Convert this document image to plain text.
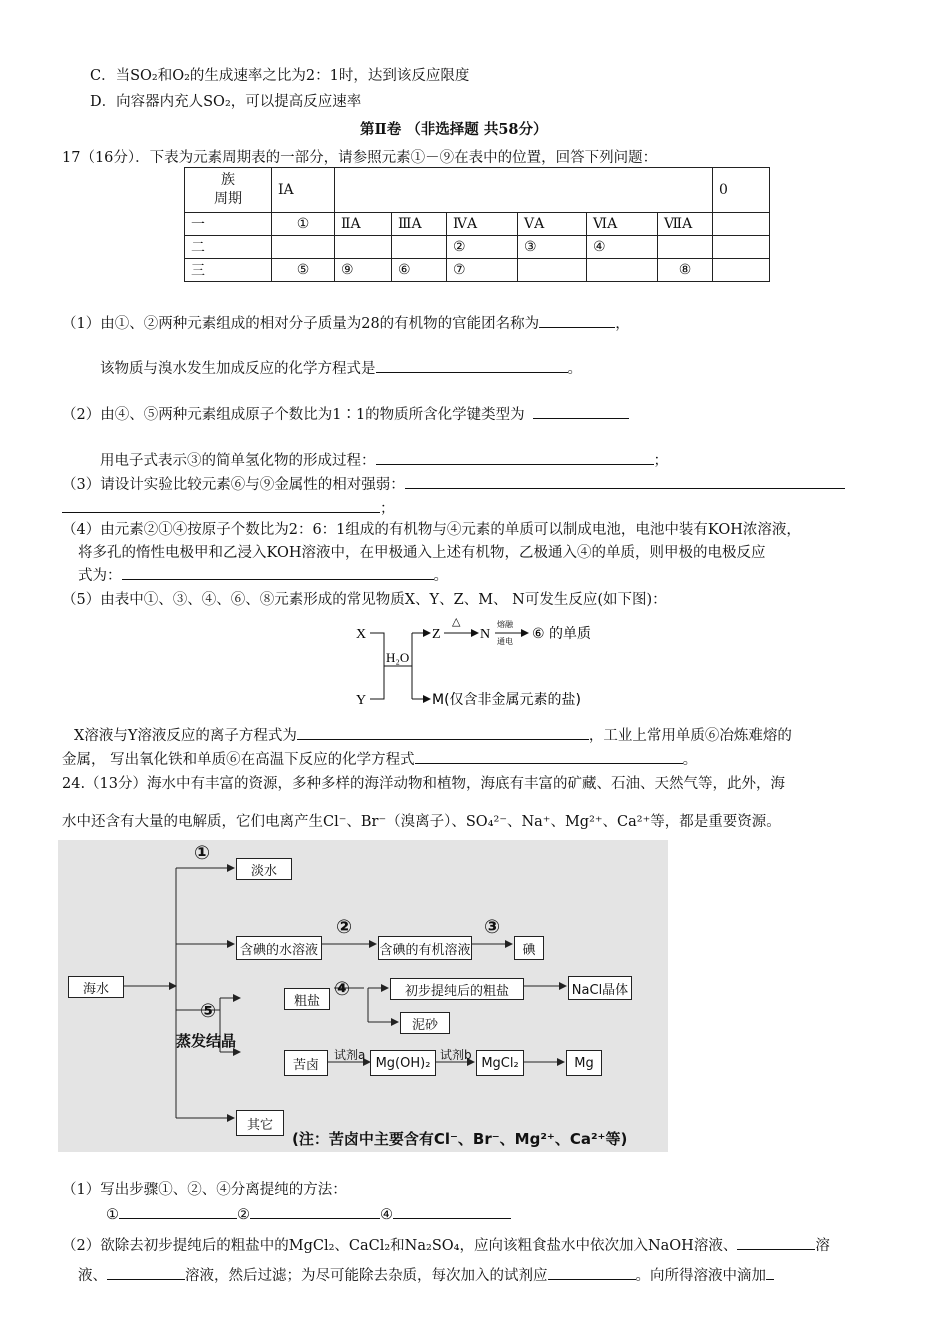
C．当SO₂和O₂的生成速率之比为2：1时，达到该反应限度
D．向容器内充人SO₂，可以提高反应速率
第Ⅱ卷 （非选择题 共58分）
17（16分）．下表为元素周期表的一部分，请参照元素①－⑨在表中的位置，回答下列问题：
族
周期	IA							0
一	①	ⅡA	ⅢA	ⅣA	ⅤA	ⅥA	ⅦA	
二				②	③	④		
三	⑤	⑨	⑥	⑦			⑧	
（1）由①、②两种元素组成的相对分子质量为28的有机物的官能团名称为	，
该物质与溴水发生加成反应的化学方程式是	。
（2）由④、⑤两种元素组成原子个数比为1∶1的物质所含化学键类型为
用电子式表示③的简单氢化物的形成过程：	；
（3）请设计实验比较元素⑥与⑨金属性的相对强弱：
；
（4）由元素②①④按原子个数比为2：6：1组成的有机物与④元素的单质可以制成电池，电池中装有KOH浓溶液，
将多孔的惰性电极甲和乙浸入KOH溶液中，在甲极通入上述有机物，乙极通入④的单质，则甲极的电极反应
式为：	。
（5）由表中①、③、④、⑥、⑧元素形成的常见物质X、Y、Z、M、 N可发生反应(如下图)：
X
Y
H₂O
Z
△
N
熔融
通电 ⑥ 的单质
M(仅含非金属元素的盐)
X溶液与Y溶液反应的离子方程式为	，工业上常用单质⑥冶炼难熔的
金属， 写出氧化铁和单质⑥在高温下反应的化学方程式	。
24.（13分）海水中有丰富的资源，多种多样的海洋动物和植物，海底有丰富的矿藏、石油、天然气等，此外，海
水中还含有大量的电解质，它们电离产生Cl⁻、Br⁻（溴离子）、SO₄²⁻、Na⁺、Mg²⁺、Ca²⁺等，都是重要资源。
海水
淡水
含碘的水溶液	含碘的有机溶液	碘
粗盐
初步提纯后的粗盐	NaCl晶体
泥砂
苦卤	Mg(OH)₂	MgCl₂	Mg
其它
①
②	③
④
⑤
蒸发结晶
试剂a	试剂b
(注：苦卤中主要含有Cl⁻、Br⁻、Mg²⁺、Ca²⁺等)
（1）写出步骤①、②、④分离提纯的方法：
①	②	④
（2）欲除去初步提纯后的粗盐中的MgCl₂、CaCl₂和Na₂SO₄，应向该粗食盐水中依次加入NaOH溶液、	溶
液、	溶液，然后过滤；为尽可能除去杂质，每次加入的试剂应	。向所得溶液中滴加
